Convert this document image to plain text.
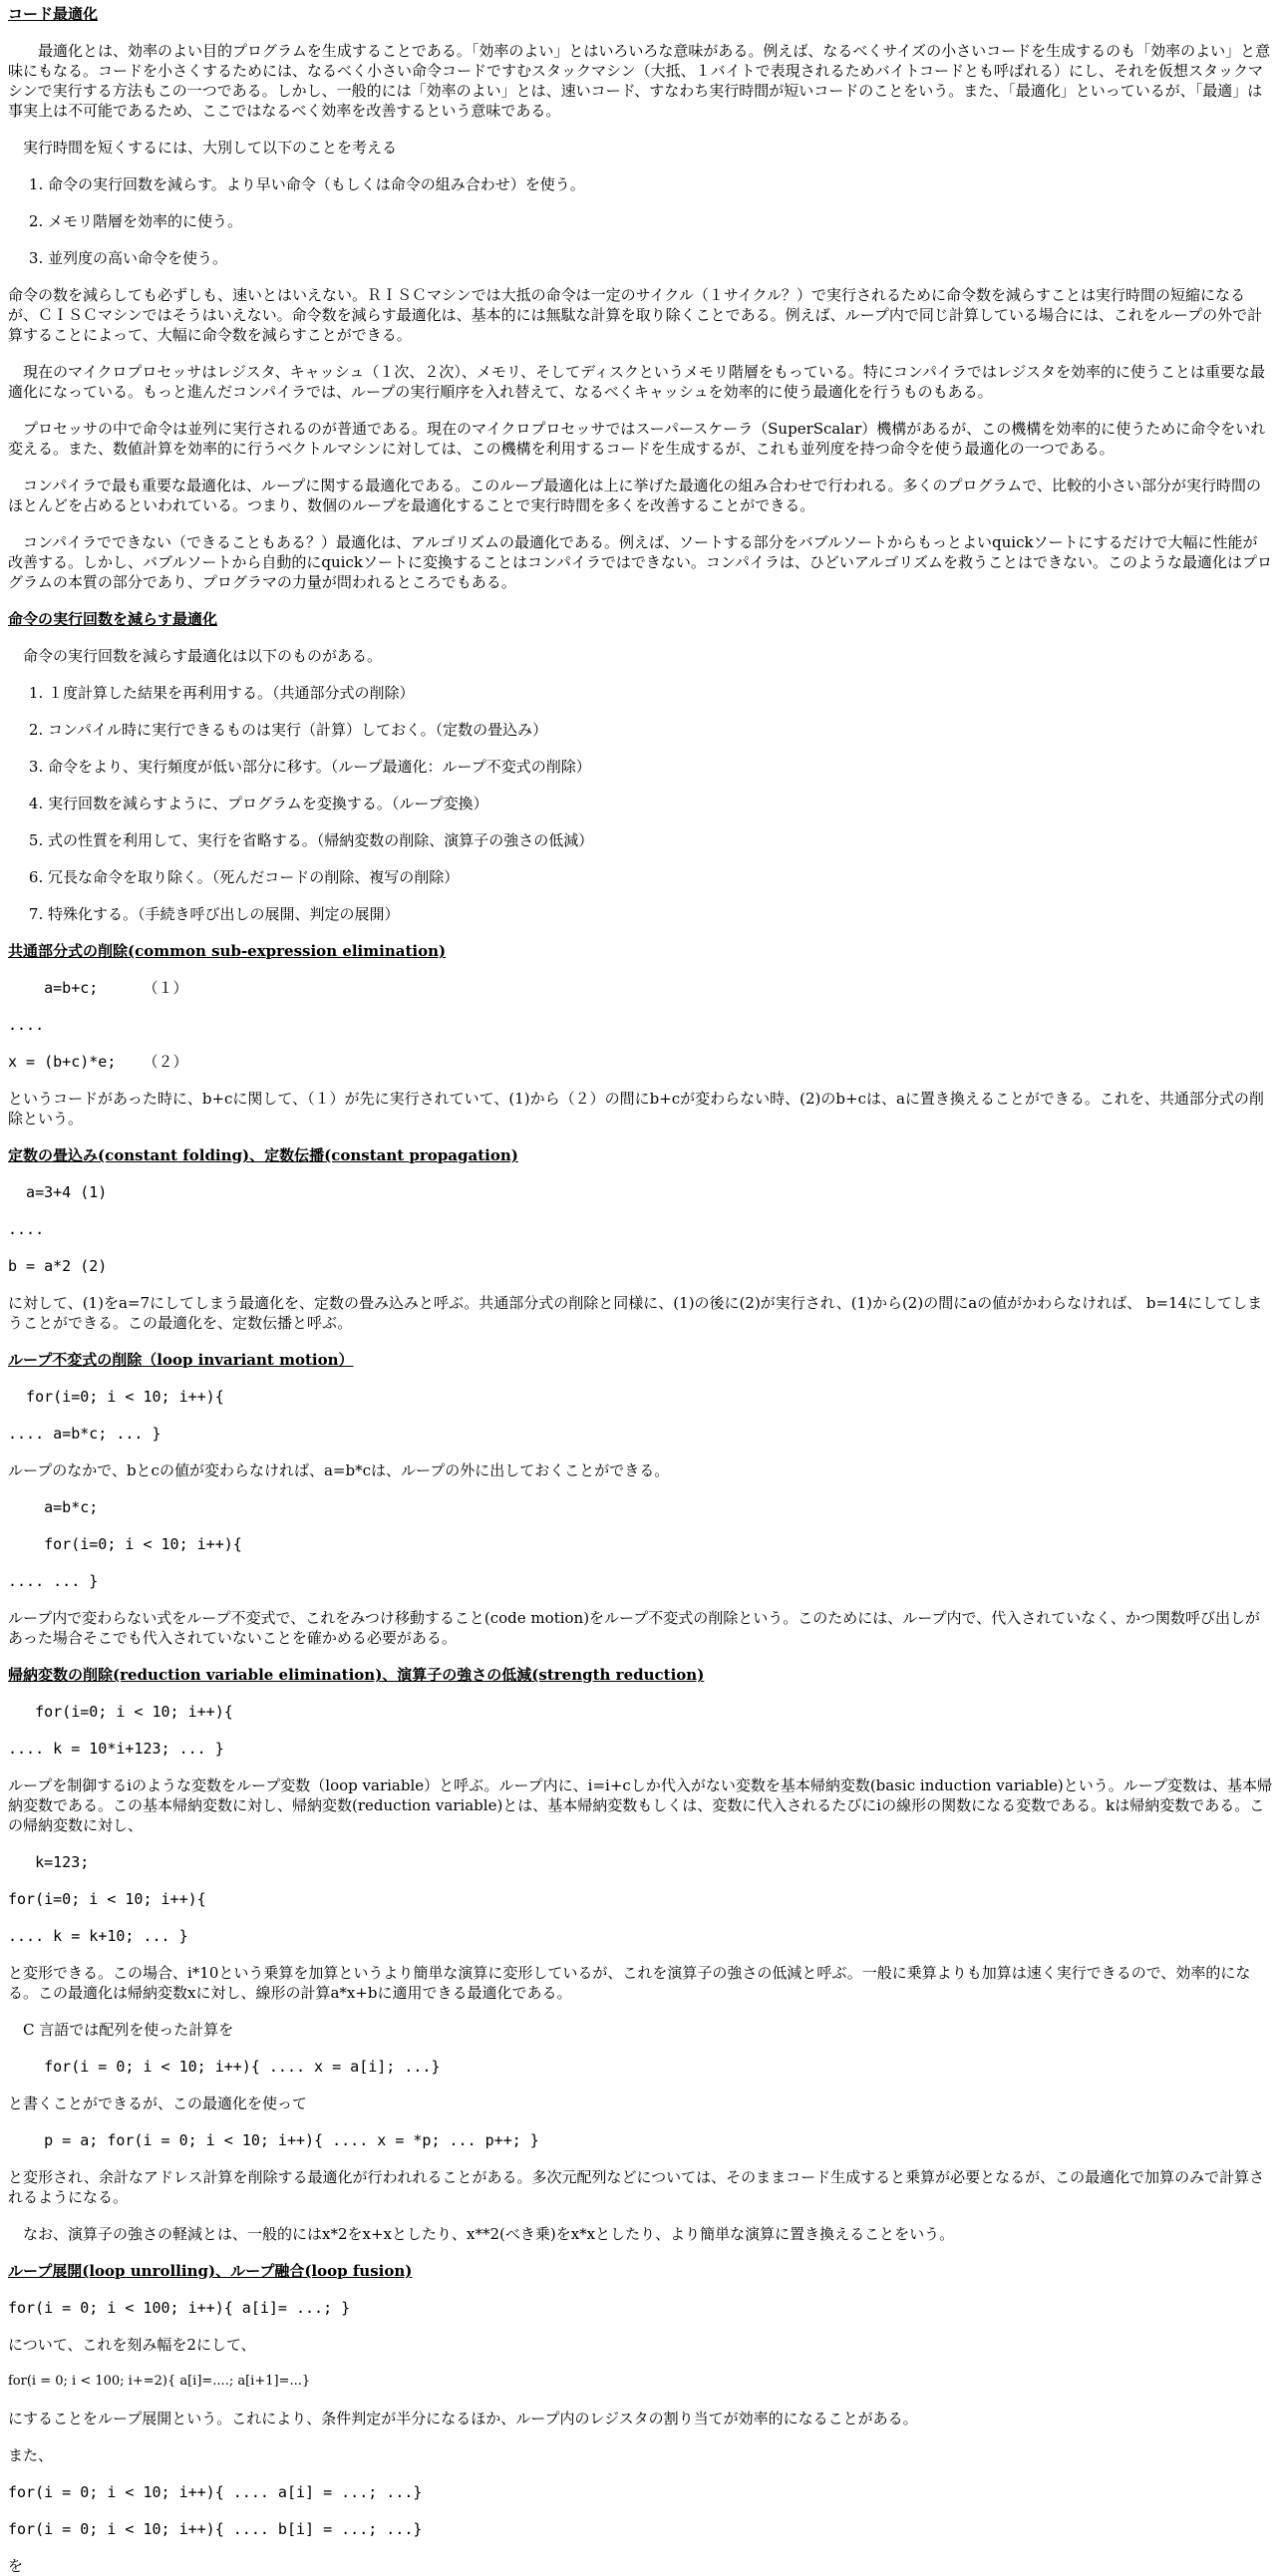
コード最適化
　　最適化とは、効率のよい目的プログラムを生成することである。「効率のよい」とはいろいろな意味がある。例えば、なるべくサイズの小さいコードを生成するのも「効率のよい」と意味にもなる。コードを小さくするためには、なるべく小さい命令コードですむスタックマシン（大抵、１バイトで表現されるためバイトコードとも呼ばれる）にし、それを仮想スタックマシンで実行する方法もこの一つである。しかし、一般的には「効率のよい」とは、速いコード、すなわち実行時間が短いコードのことをいう。また、「最適化」といっているが、「最適」は事実上は不可能であるため、ここではなるべく効率を改善するという意味である。
　実行時間を短くするには、大別して以下のことを考える
1. 命令の実行回数を減らす。より早い命令（もしくは命令の組み合わせ）を使う。
2. メモリ階層を効率的に使う。
3. 並列度の高い命令を使う。
命令の数を減らしても必ずしも、速いとはいえない。ＲＩＳＣマシンでは大抵の命令は一定のサイクル（１サイクル？）で実行されるために命令数を減らすことは実行時間の短縮になるが、ＣＩＳＣマシンではそうはいえない。命令数を減らす最適化は、基本的には無駄な計算を取り除くことである。例えば、ループ内で同じ計算している場合には、これをループの外で計算することによって、大幅に命令数を減らすことができる。
　現在のマイクロプロセッサはレジスタ、キャッシュ（１次、２次）、メモリ、そしてディスクというメモリ階層をもっている。特にコンパイラではレジスタを効率的に使うことは重要な最適化になっている。もっと進んだコンパイラでは、ループの実行順序を入れ替えて、なるべくキャッシュを効率的に使う最適化を行うものもある。
　プロセッサの中で命令は並列に実行されるのが普通である。現在のマイクロプロセッサではスーパースケーラ（SuperScalar）機構があるが、この機構を効率的に使うために命令をいれ変える。また、数値計算を効率的に行うベクトルマシンに対しては、この機構を利用するコードを生成するが、これも並列度を持つ命令を使う最適化の一つである。
　コンパイラで最も重要な最適化は、ループに関する最適化である。このループ最適化は上に挙げた最適化の組み合わせで行われる。多くのプログラムで、比較的小さい部分が実行時間のほとんどを占めるといわれている。つまり、数個のループを最適化することで実行時間を多くを改善することができる。
　コンパイラでできない（できることもある？）最適化は、アルゴリズムの最適化である。例えば、ソートする部分をバブルソートからもっとよいquickソートにするだけで大幅に性能が改善する。しかし、バブルソートから自動的にquickソートに変換することはコンパイラではできない。コンパイラは、ひどいアルゴリズムを救うことはできない。このような最適化はプログラムの本質の部分であり、プログラマの力量が問われるところでもある。
命令の実行回数を減らす最適化
　命令の実行回数を減らす最適化は以下のものがある。
1. １度計算した結果を再利用する。（共通部分式の削除）
2. コンパイル時に実行できるものは実行（計算）しておく。（定数の畳込み）
3. 命令をより、実行頻度が低い部分に移す。（ループ最適化：ループ不変式の削除）
4. 実行回数を減らすように、プログラムを変換する。（ループ変換）
5. 式の性質を利用して、実行を省略する。（帰納変数の削除、演算子の強さの低減）
6. 冗長な命令を取り除く。（死んだコードの削除、複写の削除）
7. 特殊化する。（手続き呼び出しの展開、判定の展開）
共通部分式の削除(common sub-expression elimination)
a=b+c;     （１）
....
x = (b+c)*e;   （２）
というコードがあった時に、b+cに関して、（１）が先に実行されていて、(1)から（２）の間にb+cが変わらない時、(2)のb+cは、aに置き換えることができる。これを、共通部分式の削除という。
定数の畳込み(constant folding)、定数伝播(constant propagation)
a=3+4 (1)
....
b = a*2 (2)
に対して、(1)をa=7にしてしまう最適化を、定数の畳み込みと呼ぶ。共通部分式の削除と同様に、(1)の後に(2)が実行され、(1)から(2)の間にaの値がかわらなければ、 b=14にしてしまうことができる。この最適化を、定数伝播と呼ぶ。
ループ不変式の削除（loop invariant motion）
for(i=0; i < 10; i++){
.... a=b*c; ... }
ループのなかで、bとcの値が変わらなければ、a=b*cは、ループの外に出しておくことができる。
a=b*c;
for(i=0; i < 10; i++){
.... ... }
ループ内で変わらない式をループ不変式で、これをみつけ移動すること(code motion)をループ不変式の削除という。このためには、ループ内で、代入されていなく、かつ関数呼び出しがあった場合そこでも代入されていないことを確かめる必要がある。
帰納変数の削除(reduction variable elimination)、演算子の強さの低減(strength reduction)
for(i=0; i < 10; i++){
.... k = 10*i+123; ... }
ループを制御するiのような変数をループ変数（loop variable）と呼ぶ。ループ内に、i=i+cしか代入がない変数を基本帰納変数(basic induction variable)という。ループ変数は、基本帰納変数である。この基本帰納変数に対し、帰納変数(reduction variable)とは、基本帰納変数もしくは、変数に代入されるたびにiの線形の関数になる変数である。kは帰納変数である。この帰納変数に対し、
k=123;
for(i=0; i < 10; i++){
.... k = k+10; ... }
と変形できる。この場合、i*10という乗算を加算というより簡単な演算に変形しているが、これを演算子の強さの低減と呼ぶ。一般に乗算よりも加算は速く実行できるので、効率的になる。この最適化は帰納変数xに対し、線形の計算a*x+bに適用できる最適化である。
　C 言語では配列を使った計算を
for(i = 0; i < 10; i++){ .... x = a[i]; ...}
と書くことができるが、この最適化を使って
p = a; for(i = 0; i < 10; i++){ .... x = *p; ... p++; }
と変形され、余計なアドレス計算を削除する最適化が行われれることがある。多次元配列などについては、そのままコード生成すると乗算が必要となるが、この最適化で加算のみで計算されるようになる。
　なお、演算子の強さの軽減とは、一般的にはx*2をx+xとしたり、x**2(べき乗)をx*xとしたり、より簡単な演算に置き換えることをいう。
ループ展開(loop unrolling)、ループ融合(loop fusion)
for(i = 0; i < 100; i++){ a[i]= ...; }
について、これを刻み幅を2にして、
for(i = 0; i < 100; i+=2){ a[i]=....; a[i+1]=...}
にすることをループ展開という。これにより、条件判定が半分になるほか、ループ内のレジスタの割り当てが効率的になることがある。
また、
for(i = 0; i < 10; i++){ .... a[i] = ...; ...}
for(i = 0; i < 10; i++){ .... b[i] = ...; ...}
を
